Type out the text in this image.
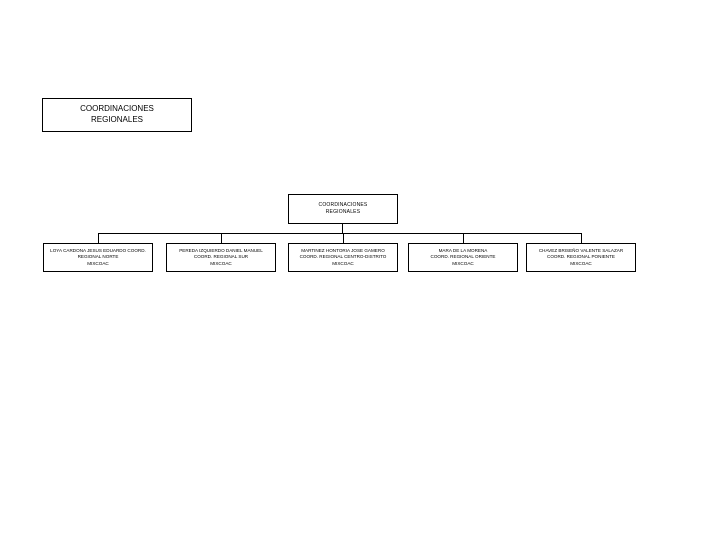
COORDINACIONES
REGIONALES
COORDINACIONES
REGIONALES
LOYA CARDONA JESUS EDUARDO COORD.
REGIONAL NORTE
MIXCOAC
PEREDA IZQUIERDO DANIEL MANUEL
COORD. REGIONAL SUR
MIXCOAC
MARTINEZ HONTORIA JOSE GAMERO
COORD. REGIONAL CENTRO-DISTRITO
MIXCOAC
MARA DE LA MORENA
COORD. REGIONAL ORIENTE
MIXCOAC
CHAVEZ BRISEÑO VALENTE SALAZAR
COORD. REGIONAL PONIENTE
MIXCOAC
